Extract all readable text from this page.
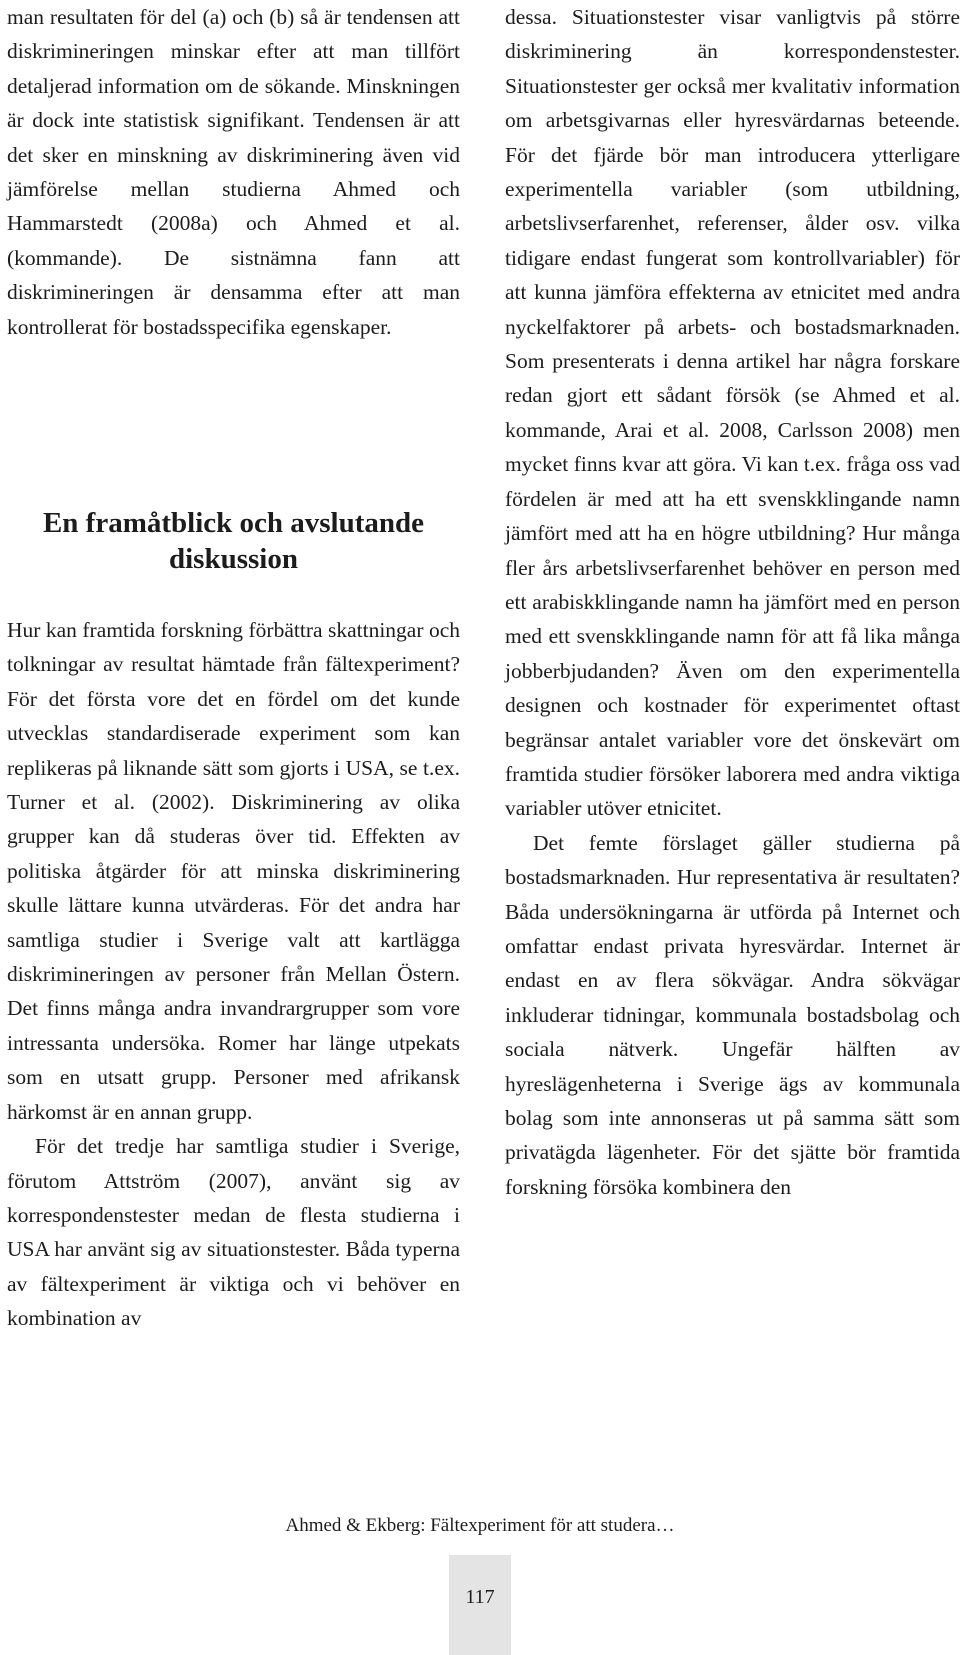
man resultaten för del (a) och (b) så är tendensen att diskrimineringen minskar efter att man tillfört detaljerad information om de sökande. Minskningen är dock inte statistisk signifikant. Tendensen är att det sker en minskning av diskriminering även vid jämförelse mellan studierna Ahmed och Hammarstedt (2008a) och Ahmed et al. (kommande). De sistnämna fann att diskrimineringen är densamma efter att man kontrollerat för bostadsspecifika egenskaper.

En framåtblick och avslutande diskussion

Hur kan framtida forskning förbättra skattningar och tolkningar av resultat hämtade från fältexperiment? För det första vore det en fördel om det kunde utvecklas standardiserade experiment som kan replikeras på liknande sätt som gjorts i USA, se t.ex. Turner et al. (2002). Diskriminering av olika grupper kan då studeras över tid. Effekten av politiska åtgärder för att minska diskriminering skulle lättare kunna utvärderas. För det andra har samtliga studier i Sverige valt att kartlägga diskrimineringen av personer från Mellan Östern. Det finns många andra invandrargrupper som vore intressanta undersöka. Romer har länge utpekats som en utsatt grupp. Personer med afrikansk härkomst är en annan grupp.

För det tredje har samtliga studier i Sverige, förutom Attström (2007), använt sig av korrespondenstester medan de flesta studierna i USA har använt sig av situationstester. Båda typerna av fältexperiment är viktiga och vi behöver en kombination av

dessa. Situationstester visar vanligtvis på större diskriminering än korrespondenstester. Situationstester ger också mer kvalitativ information om arbetsgivarnas eller hyresvärdarnas beteende. För det fjärde bör man introducera ytterligare experimentella variabler (som utbildning, arbetslivserfarenhet, referenser, ålder osv. vilka tidigare endast fungerat som kontrollvariabler) för att kunna jämföra effekterna av etnicitet med andra nyckelfaktorer på arbets- och bostadsmarknaden. Som presenterats i denna artikel har några forskare redan gjort ett sådant försök (se Ahmed et al. kommande, Arai et al. 2008, Carlsson 2008) men mycket finns kvar att göra. Vi kan t.ex. fråga oss vad fördelen är med att ha ett svenskklingande namn jämfört med att ha en högre utbildning? Hur många fler års arbetslivserfarenhet behöver en person med ett arabiskklingande namn ha jämfört med en person med ett svenskklingande namn för att få lika många jobberbjudanden? Även om den experimentella designen och kostnader för experimentet oftast begränsar antalet variabler vore det önskevärt om framtida studier försöker laborera med andra viktiga variabler utöver etnicitet.

Det femte förslaget gäller studierna på bostadsmarknaden. Hur representativa är resultaten? Båda undersökningarna är utförda på Internet och omfattar endast privata hyresvärdar. Internet är endast en av flera sökvägar. Andra sökvägar inkluderar tidningar, kommunala bostadsbolag och sociala nätverk. Ungefär hälften av hyreslägenheterna i Sverige ägs av kommunala bolag som inte annonseras ut på samma sätt som privatägda lägenheter. För det sjätte bör framtida forskning försöka kombinera den

Ahmed & Ekberg: Fältexperiment för att studera…
117
